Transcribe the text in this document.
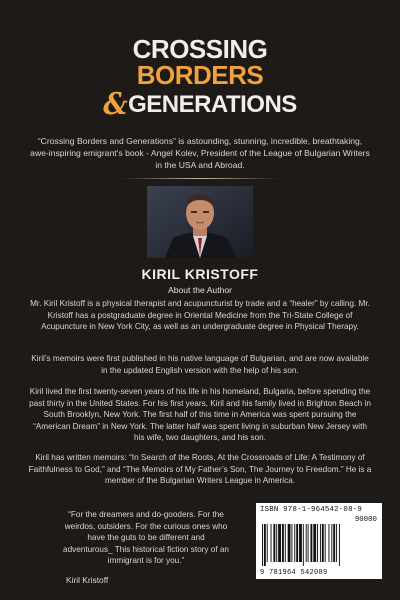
CROSSING
BORDERS
&GENERATIONS
“Crossing Borders and Generations” is astounding, stunning, incredible, breathtaking, awe-inspiring emigrant’s book - Angel Kolev, President of the League of Bulgarian Writers in the USA and Abroad.
KIRIL KRISTOFF
About the Author
Mr. Kiril Kristoff is a physical therapist and acupuncturist by trade and a “healer” by calling. Mr. Kristoff has a postgraduate degree in Oriental Medicine from the Tri-State College of Acupuncture in New York City, as well as an undergraduate degree in Physical Therapy.
Kiril’s memoirs were first published in his native language of Bulgarian, and are now available in the updated English version with the help of his son.
Kiril lived the first twenty-seven years of his life in his homeland, Bulgaria, before spending the past thirty in the United States. For his first years, Kiril and his family lived in Brighton Beach in South Brooklyn, New York. The first half of this time in America was spent pursuing the “American Dream” in New York. The latter half was spent living in suburban New Jersey with his wife, two daughters, and his son.
Kiril has written memoirs: “In Search of the Roots, At the Crossroads of Life: A Testimony of Faithfulness to God,” and “The Memoirs of My Father’s Son, The Journey to Freedom.” He is a member of the Bulgarian Writers League in America.
“For the dreamers and do-gooders. For the weirdos, outsiders. For the curious ones who have the guts to be different and adventurous_ This historical fiction story of an immigrant is for you.”
Kiril Kristoff
ISBN 978-1-964542-08-9
90000
9 781964 542089
